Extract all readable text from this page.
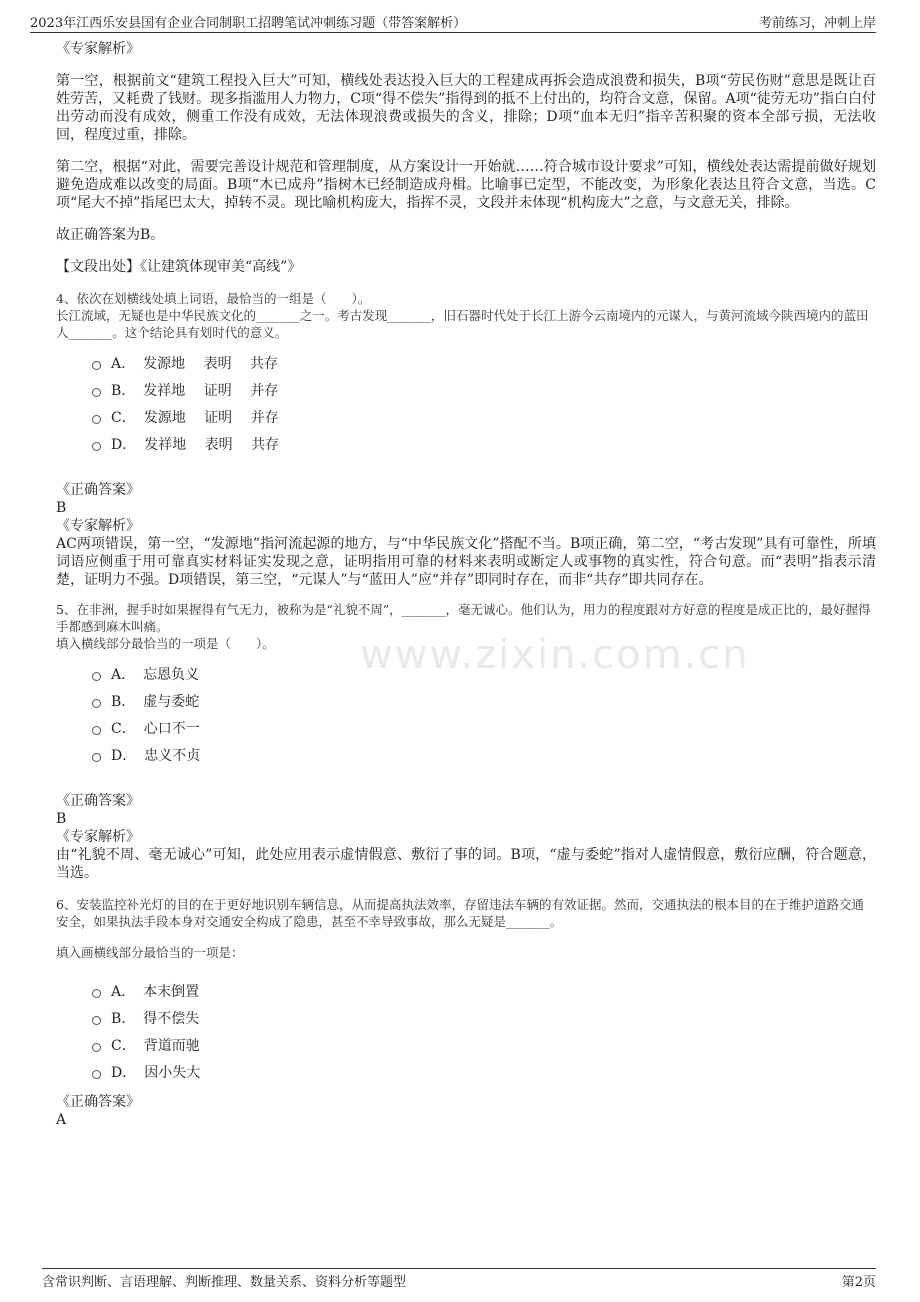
2023年江西乐安县国有企业合同制职工招聘笔试冲刺练习题（带答案解析）	考前练习，冲刺上岸
www.zixin.com.cn

《专家解析》

第一空，根据前文“建筑工程投入巨大”可知，横线处表达投入巨大的工程建成再拆会造成浪费和损失，B项“劳民伤财”意思是既让百姓劳苦，又耗费了钱财。现多指滥用人力物力，C项“得不偿失”指得到的抵不上付出的，均符合文意，保留。A项“徒劳无功”指白白付出劳动而没有成效，侧重工作没有成效，无法体现浪费或损失的含义，排除；D项“血本无归”指辛苦积聚的资本全部亏损，无法收回，程度过重，排除。

第二空，根据“对此，需要完善设计规范和管理制度，从方案设计一开始就……符合城市设计要求”可知，横线处表达需提前做好规划避免造成难以改变的局面。B项“木已成舟”指树木已经制造成舟楫。比喻事已定型，不能改变，为形象化表达且符合文意，当选。C项“尾大不掉”指尾巴太大，掉转不灵。现比喻机构庞大，指挥不灵，文段并未体现“机构庞大”之意，与文意无关，排除。

故正确答案为B。

【文段出处】《让建筑体现审美“高线”》

4、依次在划横线处填上词语，最恰当的一组是（　　）。

长江流域，无疑也是中华民族文化的_______之一。考古发现_______，旧石器时代处于长江上游今云南境内的元谋人，与黄河流域今陕西境内的蓝田人_______。这个结论具有划时代的意义。

A． 发源地　 表明　 共存
B． 发祥地　 证明　 并存
C． 发源地　 证明　 并存
D． 发祥地　 表明　 共存

《正确答案》

B

《专家解析》

AC两项错误，第一空，“发源地”指河流起源的地方，与“中华民族文化”搭配不当。B项正确，第二空，“考古发现”具有可靠性，所填词语应侧重于用可靠真实材料证实发现之意，证明指用可靠的材料来表明或断定人或事物的真实性，符合句意。而“表明”指表示清楚，证明力不强。D项错误，第三空，“元谋人”与“蓝田人”应“并存”即同时存在，而非“共存”即共同存在。

5、在非洲，握手时如果握得有气无力，被称为是“礼貌不周”，_______，毫无诚心。他们认为，用力的程度跟对方好意的程度是成正比的，最好握得手都感到麻木叫痛。

填入横线部分最恰当的一项是（　　）。

A． 忘恩负义
B． 虚与委蛇
C． 心口不一
D． 忠义不贞

《正确答案》

B

《专家解析》

由“礼貌不周、毫无诚心”可知，此处应用表示虚情假意、敷衍了事的词。B项，“虚与委蛇”指对人虚情假意，敷衍应酬，符合题意，当选。

6、安装监控补光灯的目的在于更好地识别车辆信息，从而提高执法效率，存留违法车辆的有效证据。然而，交通执法的根本目的在于维护道路交通安全，如果执法手段本身对交通安全构成了隐患，甚至不幸导致事故，那么无疑是_______。

填入画横线部分最恰当的一项是：

A． 本末倒置
B． 得不偿失
C． 背道而驰
D． 因小失大

《正确答案》

A

含常识判断、言语理解、判断推理、数量关系、资料分析等题型	第2页
